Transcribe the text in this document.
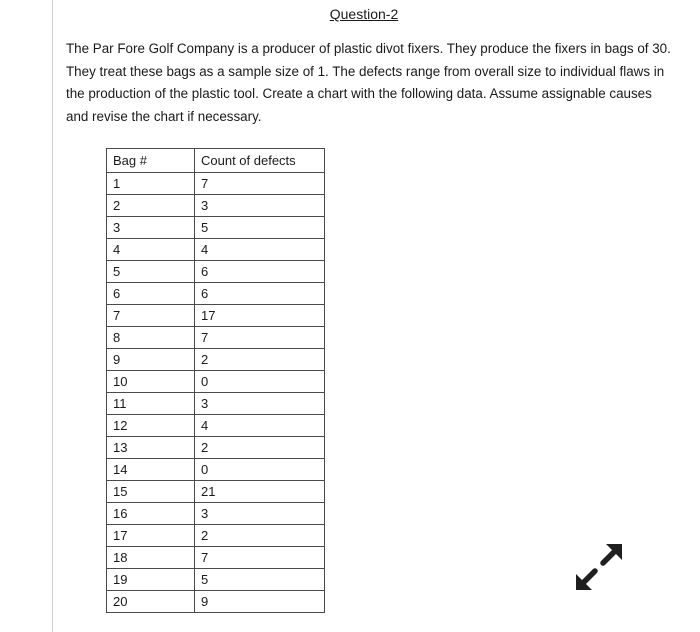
Question-2

The Par Fore Golf Company is a producer of plastic divot fixers. They produce the fixers in bags of 30. They treat these bags as a sample size of 1. The defects range from overall size to individual flaws in the production of the plastic tool. Create a chart with the following data. Assume assignable causes and revise the chart if necessary.

Bag #	Count of defects
1	7
2	3
3	5
4	4
5	6
6	6
7	17
8	7
9	2
10	0
11	3
12	4
13	2
14	0
15	21
16	3
17	2
18	7
19	5
20	9
